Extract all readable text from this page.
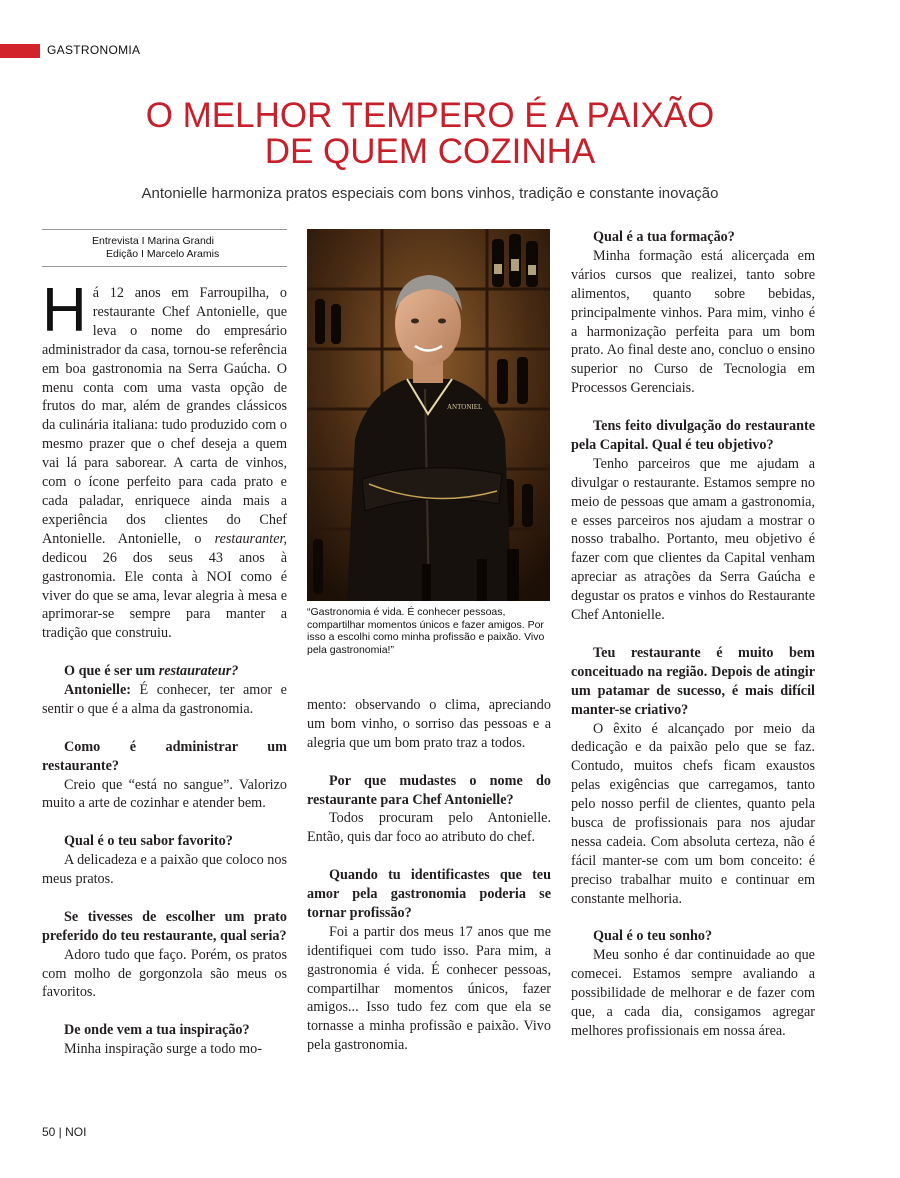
GASTRONOMIA
O MELHOR TEMPERO É A PAIXÃO
DE QUEM COZINHA
Antonielle harmoniza pratos especiais com bons vinhos, tradição e constante inovação
Entrevista I Marina Grandi
Edição I Marcelo Aramis

Há 12 anos em Farroupilha, o restaurante Chef Antonielle, que leva o nome do empresário administrador da casa, tornou-se referência em boa gastronomia na Serra Gaúcha. O menu conta com uma vasta opção de frutos do mar, além de grandes clássicos da culinária italiana: tudo produzido com o mesmo prazer que o chef deseja a quem vai lá para saborear. A carta de vinhos, com o ícone perfeito para cada prato e cada paladar, enriquece ainda mais a experiência dos clientes do Chef Antonielle. Antonielle, o restauranter, dedicou 26 dos seus 43 anos à gastronomia. Ele conta à NOI como é viver do que se ama, levar alegria à mesa e aprimorar-se sempre para manter a tradição que construiu.

O que é ser um restaurateur?

Antonielle: É conhecer, ter amor e sentir o que é a alma da gastronomia.

Como é administrar um restaurante?

Creio que “está no sangue”. Valorizo muito a arte de cozinhar e atender bem.

Qual é o teu sabor favorito?

A delicadeza e a paixão que coloco nos meus pratos.

Se tivesses de escolher um prato preferido do teu restaurante, qual seria?

Adoro tudo que faço. Porém, os pratos com molho de gorgonzola são meus os favoritos.

De onde vem a tua inspiração?

Minha inspiração surge a todo mo-

ANTONIEL
“Gastronomia é vida. É conhecer pessoas, compartilhar momentos únicos e fazer amigos. Por isso a escolhi como minha profissão e paixão. Vivo pela gastronomia!”

mento: observando o clima, apreciando um bom vinho, o sorriso das pessoas e a alegria que um bom prato traz a todos.

Por que mudastes o nome do restaurante para Chef Antonielle?

Todos procuram pelo Antonielle. Então, quis dar foco ao atributo do chef.

Quando tu identificastes que teu amor pela gastronomia poderia se tornar profissão?

Foi a partir dos meus 17 anos que me identifiquei com tudo isso. Para mim, a gastronomia é vida. É conhecer pessoas, compartilhar momentos únicos, fazer amigos... Isso tudo fez com que ela se tornasse a minha profissão e paixão. Vivo pela gastronomia.

Qual é a tua formação?

Minha formação está alicerçada em vários cursos que realizei, tanto sobre alimentos, quanto sobre bebidas, principalmente vinhos. Para mim, vinho é a harmonização perfeita para um bom prato. Ao final deste ano, concluo o ensino superior no Curso de Tecnologia em Processos Gerenciais.

Tens feito divulgação do restaurante pela Capital. Qual é teu objetivo?

Tenho parceiros que me ajudam a divulgar o restaurante. Estamos sempre no meio de pessoas que amam a gastronomia, e esses parceiros nos ajudam a mostrar o nosso trabalho. Portanto, meu objetivo é fazer com que clientes da Capital venham apreciar as atrações da Serra Gaúcha e degustar os pratos e vinhos do Restaurante Chef Antonielle.

Teu restaurante é muito bem conceituado na região. Depois de atingir um patamar de sucesso, é mais difícil manter-se criativo?

O êxito é alcançado por meio da dedicação e da paixão pelo que se faz. Contudo, muitos chefs ficam exaustos pelas exigências que carregamos, tanto pelo nosso perfil de clientes, quanto pela busca de profissionais para nos ajudar nessa cadeia. Com absoluta certeza, não é fácil manter-se com um bom conceito: é preciso trabalhar muito e continuar em constante melhoria.

Qual é o teu sonho?

Meu sonho é dar continuidade ao que comecei. Estamos sempre avaliando a possibilidade de melhorar e de fazer com que, a cada dia, consigamos agregar melhores profissionais em nossa área.

50 | NOI
